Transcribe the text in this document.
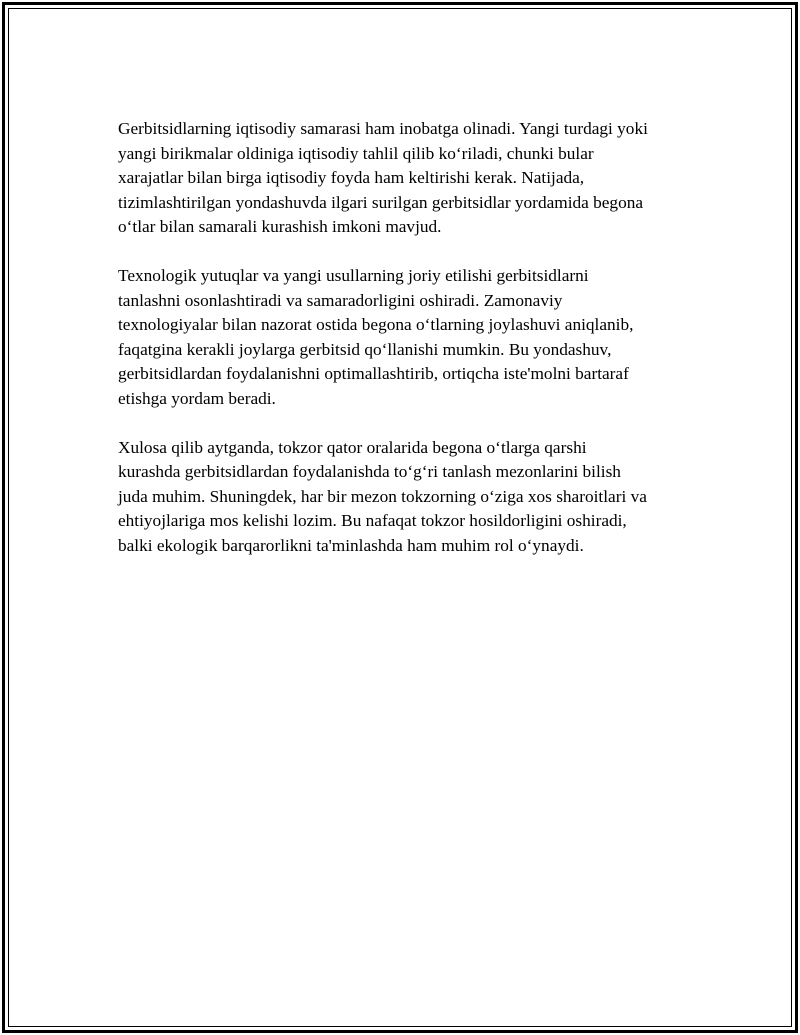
Gerbitsidlarning iqtisodiy samarasi ham inobatga olinadi. Yangi turdagi yoki
yangi birikmalar oldiniga iqtisodiy tahlil qilib ko‘riladi, chunki bular
xarajatlar bilan birga iqtisodiy foyda ham keltirishi kerak. Natijada,
tizimlashtirilgan yondashuvda ilgari surilgan gerbitsidlar yordamida begona
o‘tlar bilan samarali kurashish imkoni mavjud.

Texnologik yutuqlar va yangi usullarning joriy etilishi gerbitsidlarni
tanlashni osonlashtiradi va samaradorligini oshiradi. Zamonaviy
texnologiyalar bilan nazorat ostida begona o‘tlarning joylashuvi aniqlanib,
faqatgina kerakli joylarga gerbitsid qo‘llanishi mumkin. Bu yondashuv,
gerbitsidlardan foydalanishni optimallashtirib, ortiqcha iste'molni bartaraf
etishga yordam beradi.

Xulosa qilib aytganda, tokzor qator oralarida begona o‘tlarga qarshi
kurashda gerbitsidlardan foydalanishda to‘g‘ri tanlash mezonlarini bilish
juda muhim. Shuningdek, har bir mezon tokzorning o‘ziga xos sharoitlari va
ehtiyojlariga mos kelishi lozim. Bu nafaqat tokzor hosildorligini oshiradi,
balki ekologik barqarorlikni ta'minlashda ham muhim rol o‘ynaydi.
